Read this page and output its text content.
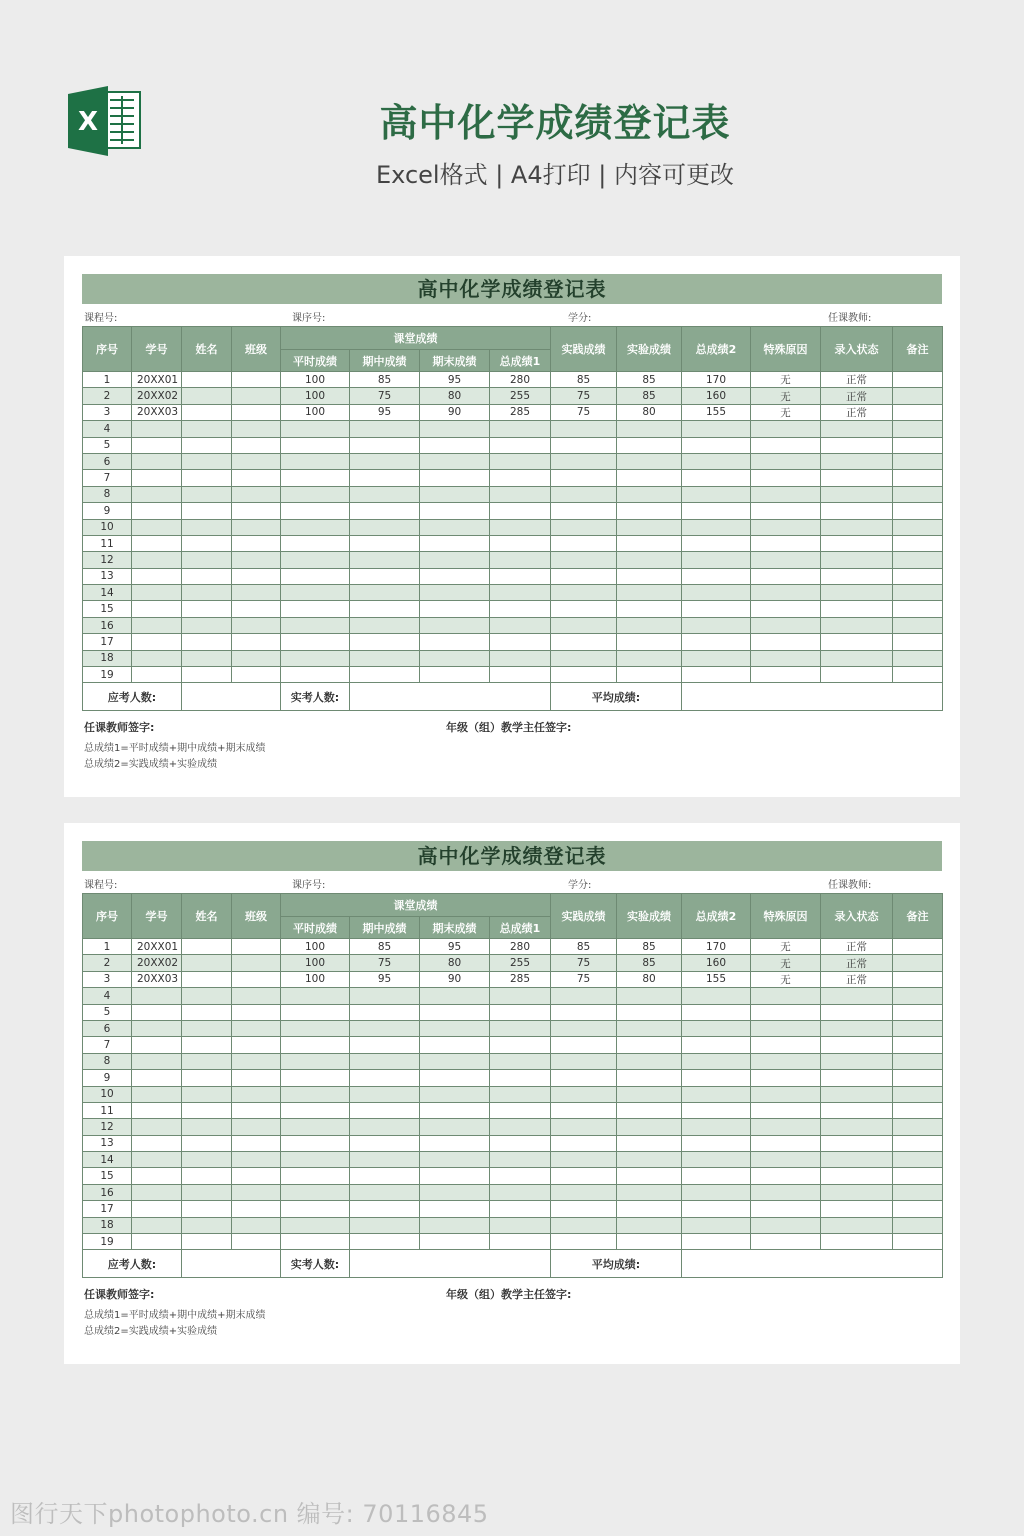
X	高中化学成绩登记表
Excel格式 | A4打印 | 内容可更改
高中化学成绩登记表
课程号:	课序号:	学分:	任课教师:
序号	学号	姓名	班级	课堂成绩				实践成绩	实验成绩	总成绩2	特殊原因	录入状态	备注
				平时成绩	期中成绩	期末成绩	总成绩1						
1	20XX01			100	85	95	280	85	85	170	无	正常	
2	20XX02			100	75	80	255	75	85	160	无	正常	
3	20XX03			100	95	90	285	75	80	155	无	正常	
4													
5													
6													
7													
8													
9													
10													
11													
12													
13													
14													
15													
16													
17													
18													
19													
应考人数:				实考人数:				平均成绩:					
任课教师签字:	年级（组）教学主任签字:
总成绩1=平时成绩+期中成绩+期末成绩
总成绩2=实践成绩+实验成绩
高中化学成绩登记表
课程号:	课序号:	学分:	任课教师:
序号	学号	姓名	班级	课堂成绩				实践成绩	实验成绩	总成绩2	特殊原因	录入状态	备注
				平时成绩	期中成绩	期末成绩	总成绩1						
1	20XX01			100	85	95	280	85	85	170	无	正常	
2	20XX02			100	75	80	255	75	85	160	无	正常	
3	20XX03			100	95	90	285	75	80	155	无	正常	
4													
5													
6													
7													
8													
9													
10													
11													
12													
13													
14													
15													
16													
17													
18													
19													
应考人数:				实考人数:				平均成绩:					
任课教师签字:	年级（组）教学主任签字:
总成绩1=平时成绩+期中成绩+期末成绩
总成绩2=实践成绩+实验成绩
图行天下photophoto.cn 编号: 70116845
